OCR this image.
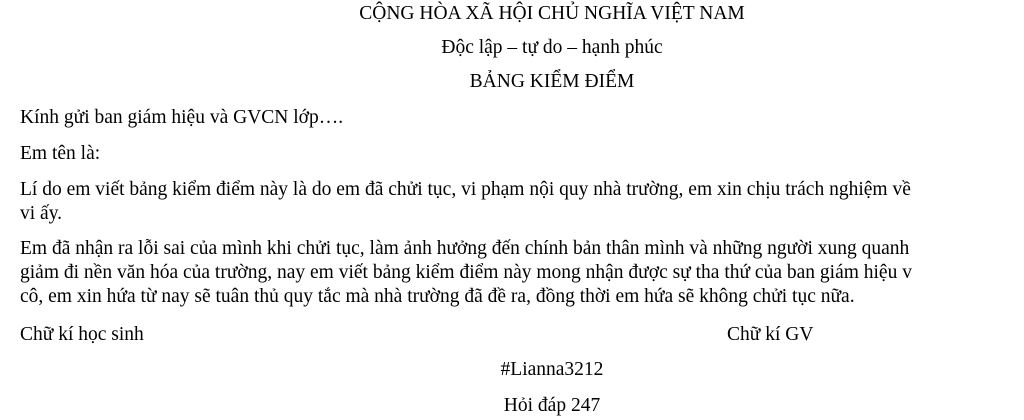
CỘNG HÒA XÃ HỘI CHỦ NGHĨA VIỆT NAM
Độc lập – tự do – hạnh phúc
BẢNG KIỂM ĐIỂM
Kính gửi ban giám hiệu và GVCN lớp….
Em tên là:
Lí do em viết bảng kiểm điểm này là do em đã chửi tục, vi phạm nội quy nhà trường, em xin chịu trách nghiệm về
vi ấy.
Em đã nhận ra lỗi sai của mình khi chửi tục, làm ảnh hưởng đến chính bản thân mình và những người xung quanh
giảm đi nền văn hóa của trường, nay em viết bảng kiểm điểm này mong nhận được sự tha thứ của ban giám hiệu v
cô, em xin hứa từ nay sẽ tuân thủ quy tắc mà nhà trường đã đề ra, đồng thời em hứa sẽ không chửi tục nữa.
Chữ kí học sinh	Chữ kí GV
#Lianna3212
Hỏi đáp 247
